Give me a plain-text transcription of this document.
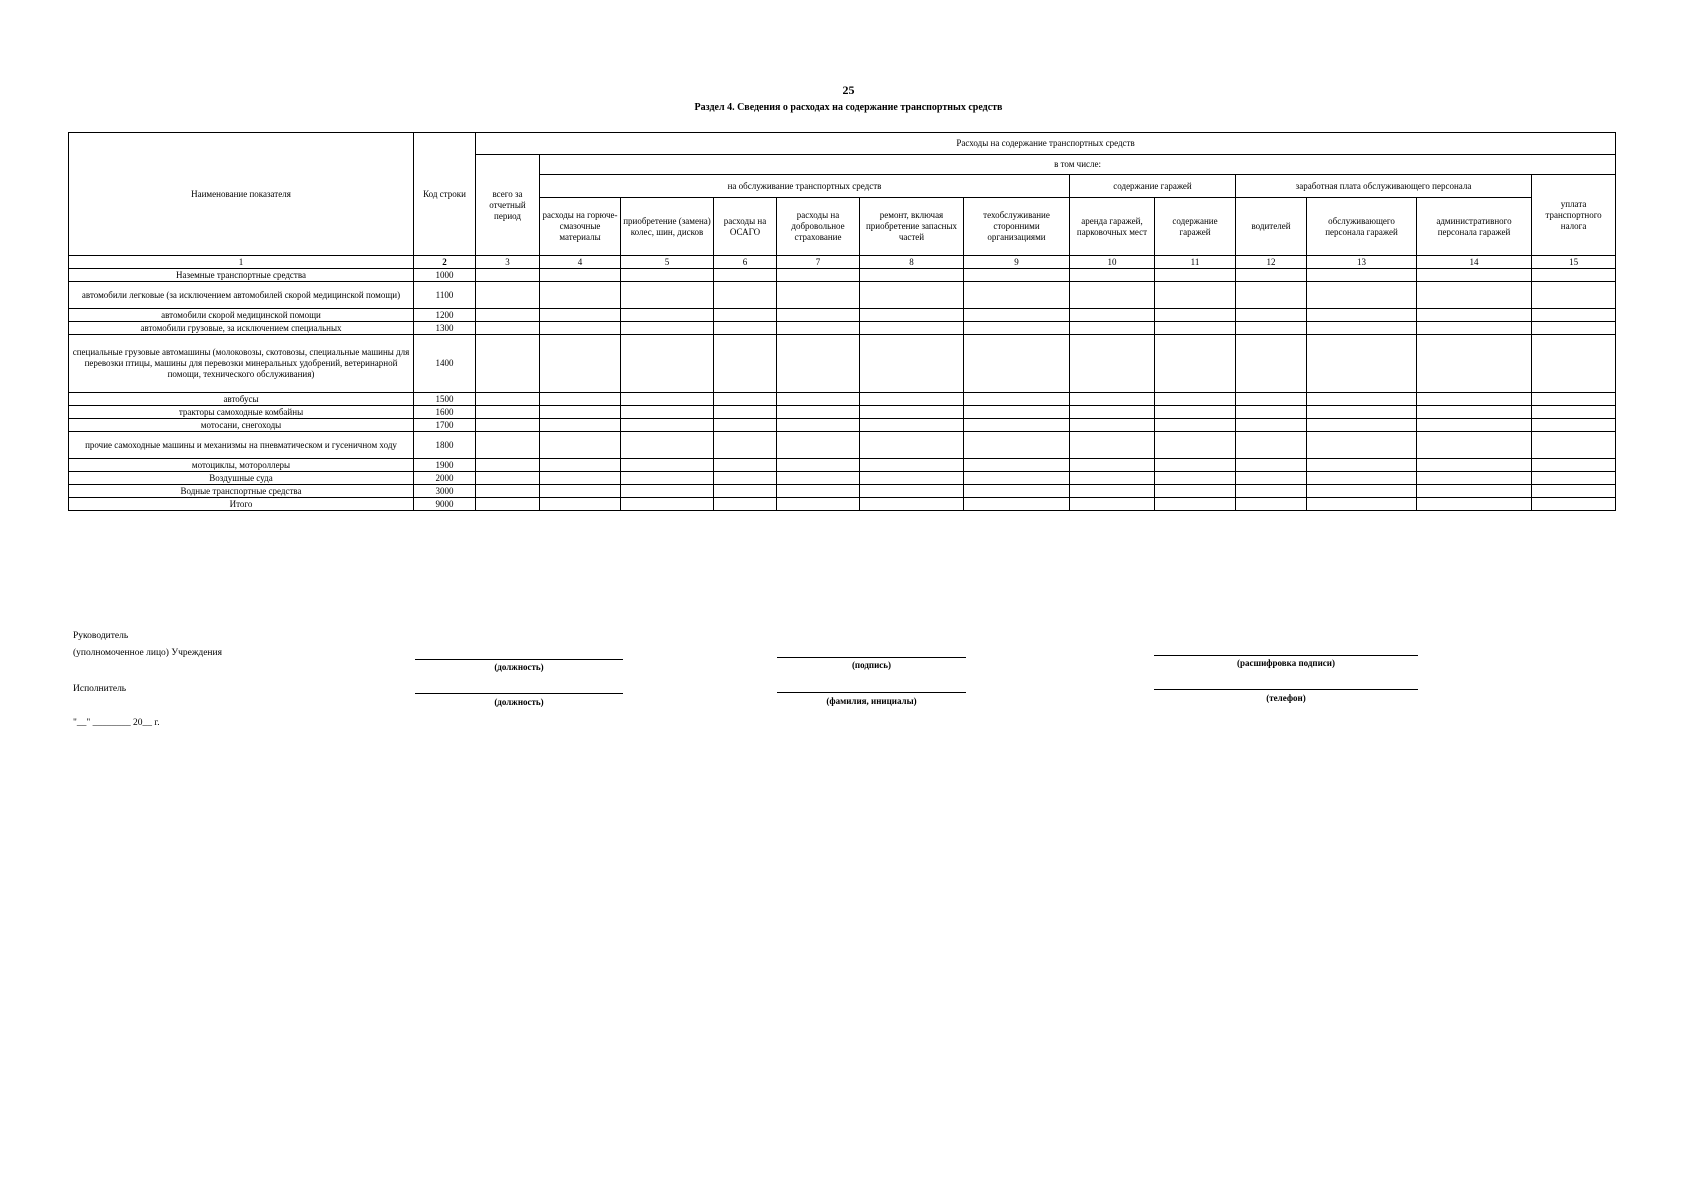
25
Раздел 4. Сведения о расходах на содержание транспортных средств
Наименование показателя	Код строки	Расходы на содержание транспортных средств												
		всего за отчетный период	в том числе:											
			на обслуживание транспортных средств						содержание гаражей		заработная плата обслуживающего персонала			уплата транспортного налога
			расходы на горюче-смазочные материалы	приобретение (замена) колес, шин, дисков	расходы на ОСАГО	расходы на добровольное страхование	ремонт, включая приобретение запасных частей	техобслуживание сторонними организациями	аренда гаражей, парковочных мест	содержание гаражей	водителей	обслуживающего персонала гаражей	административного персонала гаражей	
1	2	3	4	5	6	7	8	9	10	11	12	13	14	15
Наземные транспортные средства	1000													
автомобили легковые (за исключением автомобилей скорой медицинской помощи)	1100													
автомобили скорой медицинской помощи	1200													
автомобили грузовые, за исключением специальных	1300													
специальные грузовые автомашины (молоковозы, скотовозы, специальные машины для перевозки птицы, машины для перевозки минеральных удобрений, ветеринарной помощи, технического обслуживания)	1400													
автобусы	1500													
тракторы самоходные комбайны	1600													
мотосани, снегоходы	1700													
прочие самоходные машины и механизмы на пневматическом и гусеничном ходу	1800													
мотоциклы, мотороллеры	1900													
Воздушные суда	2000													
Водные транспортные средства	3000													
Итого	9000													
Руководитель
(уполномоченное лицо) Учреждения
(должность)	(подпись)	(расшифровка подписи)
Исполнитель
(должность)	(фамилия, инициалы)	(телефон)
"__" ________ 20__ г.
